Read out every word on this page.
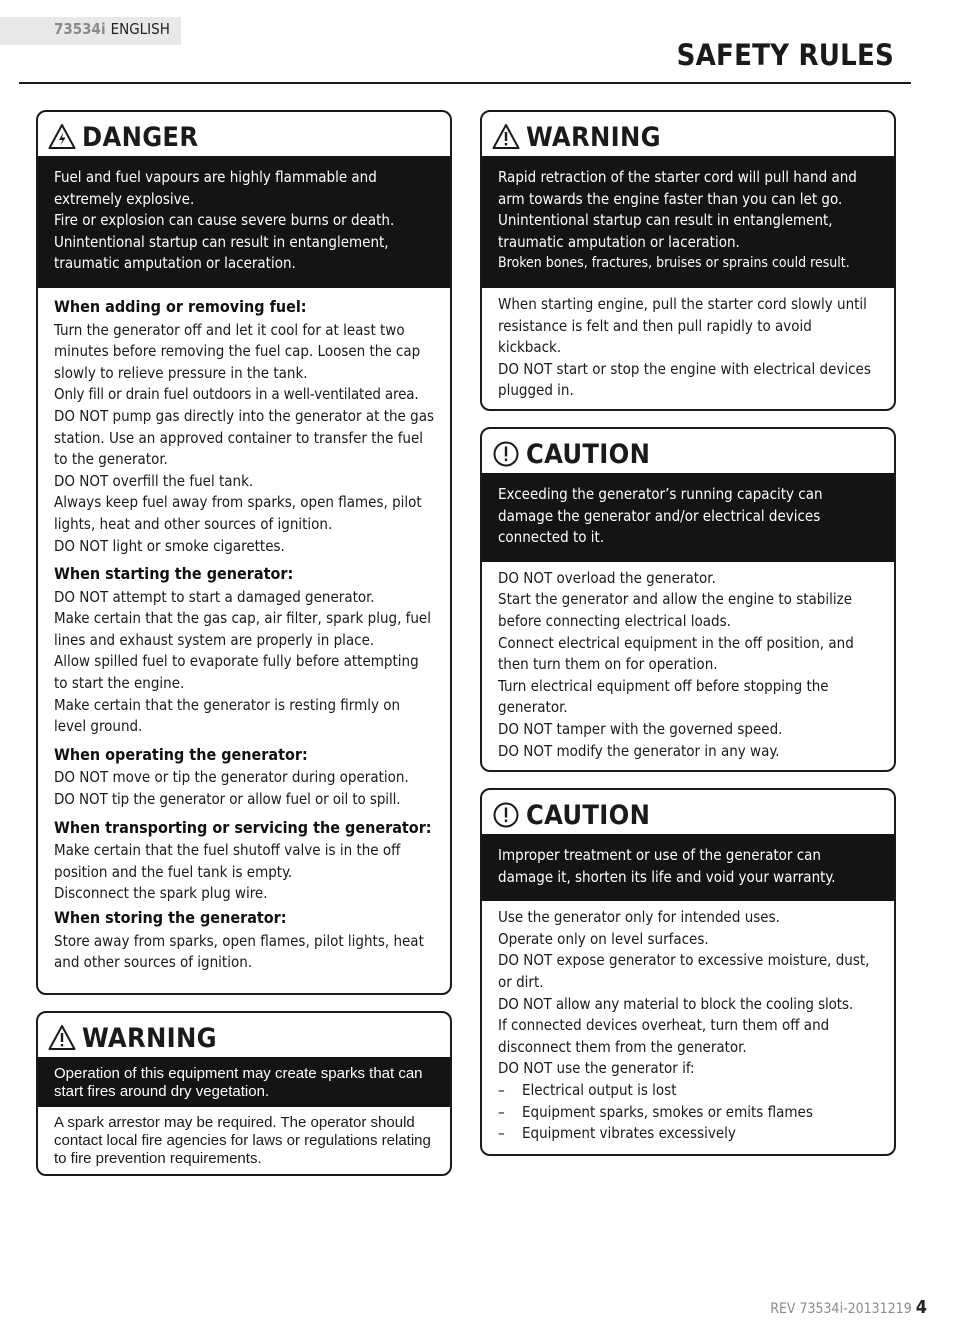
73534i ENGLISH
SAFETY RULES
DANGER

Fuel and fuel vapours are highly flammable and extremely explosive.

Fire or explosion can cause severe burns or death.

Unintentional startup can result in entanglement, traumatic amputation or laceration.

When adding or removing fuel:

Turn the generator off and let it cool for at least two minutes before removing the fuel cap. Loosen the cap slowly to relieve pressure in the tank.

Only fill or drain fuel outdoors in a well-ventilated area.

DO NOT pump gas directly into the generator at the gas station. Use an approved container to transfer the fuel to the generator.

DO NOT overfill the fuel tank.

Always keep fuel away from sparks, open flames, pilot lights, heat and other sources of ignition.

DO NOT light or smoke cigarettes.

When starting the generator:

DO NOT attempt to start a damaged generator.

Make certain that the gas cap, air filter, spark plug, fuel lines and exhaust system are properly in place.

Allow spilled fuel to evaporate fully before attempting to start the engine.

Make certain that the generator is resting firmly on level ground.

When operating the generator:

DO NOT move or tip the generator during operation.

DO NOT tip the generator or allow fuel or oil to spill.

When transporting or servicing the generator:

Make certain that the fuel shutoff valve is in the off position and the fuel tank is empty.

Disconnect the spark plug wire.

When storing the generator:

Store away from sparks, open flames, pilot lights, heat and other sources of ignition.

WARNING

Operation of this equipment may create sparks that can start fires around dry vegetation.

A spark arrestor may be required. The operator should contact local fire agencies for laws or regulations relating to fire prevention requirements.

WARNING

Rapid retraction of the starter cord will pull hand and arm towards the engine faster than you can let go.

Unintentional startup can result in entanglement, traumatic amputation or laceration.

Broken bones, fractures, bruises or sprains could result.

When starting engine, pull the starter cord slowly until resistance is felt and then pull rapidly to avoid kickback.

DO NOT start or stop the engine with electrical devices plugged in.

CAUTION

Exceeding the generator’s running capacity can damage the generator and/or electrical devices connected to it.

DO NOT overload the generator.

Start the generator and allow the engine to stabilize before connecting electrical loads.

Connect electrical equipment in the off position, and then turn them on for operation.

Turn electrical equipment off before stopping the generator.

DO NOT tamper with the governed speed.

DO NOT modify the generator in any way.

CAUTION

Improper treatment or use of the generator can damage it, shorten its life and void your warranty.

Use the generator only for intended uses.

Operate only on level surfaces.

DO NOT expose generator to excessive moisture, dust, or dirt.

DO NOT allow any material to block the cooling slots.

If connected devices overheat, turn them off and disconnect them from the generator.

DO NOT use the generator if:

–	Electrical output is lost
–	Equipment sparks, smokes or emits flames
–	Equipment vibrates excessively
REV 73534i-20131219 4
